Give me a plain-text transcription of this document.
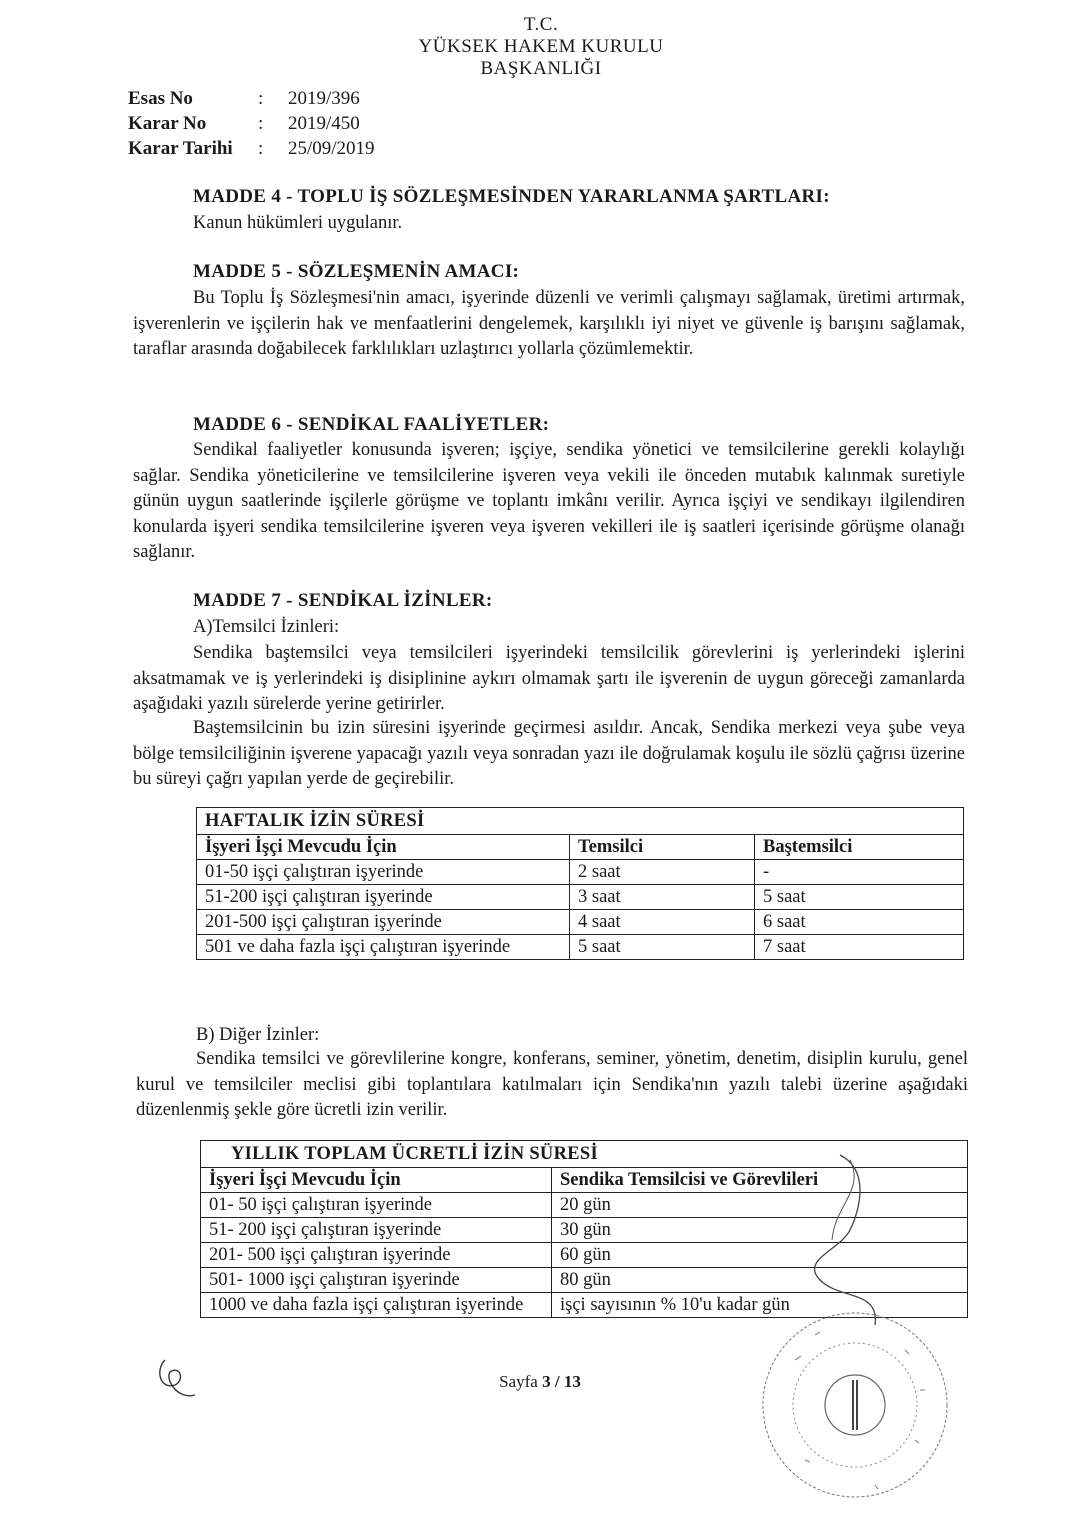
T.C.
YÜKSEK HAKEM KURULU
BAŞKANLIĞI
Esas No	:	2019/396
Karar No	:	2019/450
Karar Tarihi	:	25/09/2019
MADDE 4 - TOPLU İŞ SÖZLEŞMESİNDEN YARARLANMA ŞARTLARI:
Kanun hükümleri uygulanır.
MADDE 5 - SÖZLEŞMENİN AMACI:
Bu Toplu İş Sözleşmesi'nin amacı, işyerinde düzenli ve verimli çalışmayı sağlamak, üretimi artırmak, işverenlerin ve işçilerin hak ve menfaatlerini dengelemek, karşılıklı iyi niyet ve güvenle iş barışını sağlamak, taraflar arasında doğabilecek farklılıkları uzlaştırıcı yollarla çözümlemektir.
MADDE 6 - SENDİKAL FAALİYETLER:
Sendikal faaliyetler konusunda işveren; işçiye, sendika yönetici ve temsilcilerine gerekli kolaylığı sağlar. Sendika yöneticilerine ve temsilcilerine işveren veya vekili ile önceden mutabık kalınmak suretiyle günün uygun saatlerinde işçilerle görüşme ve toplantı imkânı verilir. Ayrıca işçiyi ve sendikayı ilgilendiren konularda işyeri sendika temsilcilerine işveren veya işveren vekilleri ile iş saatleri içerisinde görüşme olanağı sağlanır.
MADDE 7 - SENDİKAL İZİNLER:
A)Temsilci İzinleri:
Sendika baştemsilci veya temsilcileri işyerindeki temsilcilik görevlerini iş yerlerindeki işlerini aksatmamak ve iş yerlerindeki iş disiplinine aykırı olmamak şartı ile işverenin de uygun göreceği zamanlarda aşağıdaki yazılı sürelerde yerine getirirler.
Baştemsilcinin bu izin süresini işyerinde geçirmesi asıldır. Ancak, Sendika merkezi veya şube veya bölge temsilciliğinin işverene yapacağı yazılı veya sonradan yazı ile doğrulamak koşulu ile sözlü çağrısı üzerine bu süreyi çağrı yapılan yerde de geçirebilir.
HAFTALIK İZİN SÜRESİ		
İşyeri İşçi Mevcudu İçin	Temsilci	Baştemsilci
01-50 işçi çalıştıran işyerinde	2 saat	-
51-200 işçi çalıştıran işyerinde	3 saat	5 saat
201-500 işçi çalıştıran işyerinde	4 saat	6 saat
501 ve daha fazla işçi çalıştıran işyerinde	5 saat	7 saat
B) Diğer İzinler:
Sendika temsilci ve görevlilerine kongre, konferans, seminer, yönetim, denetim, disiplin kurulu, genel kurul ve temsilciler meclisi gibi toplantılara katılmaları için Sendika'nın yazılı talebi üzerine aşağıdaki düzenlenmiş şekle göre ücretli izin verilir.
YILLIK TOPLAM ÜCRETLİ İZİN SÜRESİ	
İşyeri İşçi Mevcudu İçin	Sendika Temsilcisi ve Görevlileri
01- 50 işçi çalıştıran işyerinde	20 gün
51- 200 işçi çalıştıran işyerinde	30 gün
201- 500 işçi çalıştıran işyerinde	60 gün
501- 1000 işçi çalıştıran işyerinde	80 gün
1000 ve daha fazla işçi çalıştıran işyerinde	işçi sayısının % 10'u kadar gün
Sayfa 3 / 13
